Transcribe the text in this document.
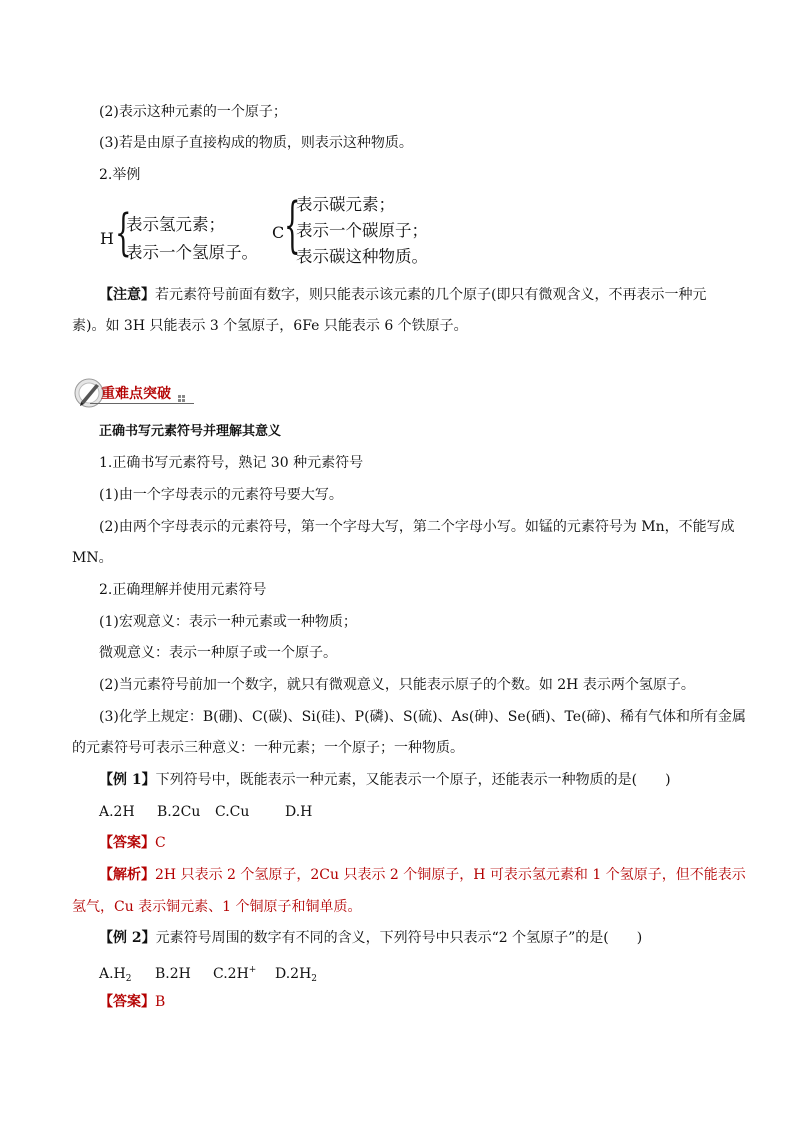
(2)表示这种元素的一个原子；
(3)若是由原子直接构成的物质，则表示这种物质。
2.举例
H {
表示氢元素；
表示一个氢原子。
C {
表示碳元素；
表示一个碳原子；
表示碳这种物质。
【注意】若元素符号前面有数字，则只能表示该元素的几个原子(即只有微观含义，不再表示一种元
素)。如 3H 只能表示 3 个氢原子，6Fe 只能表示 6 个铁原子。
重难点突破
正确书写元素符号并理解其意义
1.正确书写元素符号，熟记 30 种元素符号
(1)由一个字母表示的元素符号要大写。
(2)由两个字母表示的元素符号，第一个字母大写，第二个字母小写。如锰的元素符号为 Mn，不能写成
MN。
2.正确理解并使用元素符号
(1)宏观意义：表示一种元素或一种物质；
微观意义：表示一种原子或一个原子。
(2)当元素符号前加一个数字，就只有微观意义，只能表示原子的个数。如 2H 表示两个氢原子。
(3)化学上规定：B(硼)、C(碳)、Si(硅)、P(磷)、S(硫)、As(砷)、Se(硒)、Te(碲)、稀有气体和所有金属
的元素符号可表示三种意义：一种元素；一个原子；一种物质。
【例 1】下列符号中，既能表示一种元素，又能表示一个原子，还能表示一种物质的是(　　)
A.2H B.2Cu C.Cu	D.H
【答案】C
【解析】2H 只表示 2 个氢原子，2Cu 只表示 2 个铜原子，H 可表示氢元素和 1 个氢原子，但不能表示
氢气，Cu 表示铜元素、1 个铜原子和铜单质。
【例 2】元素符号周围的数字有不同的含义，下列符号中只表示“2 个氢原子”的是(　　)
$A.H_2$ B.2H C.2H+ $D.2H_2$
【答案】B
